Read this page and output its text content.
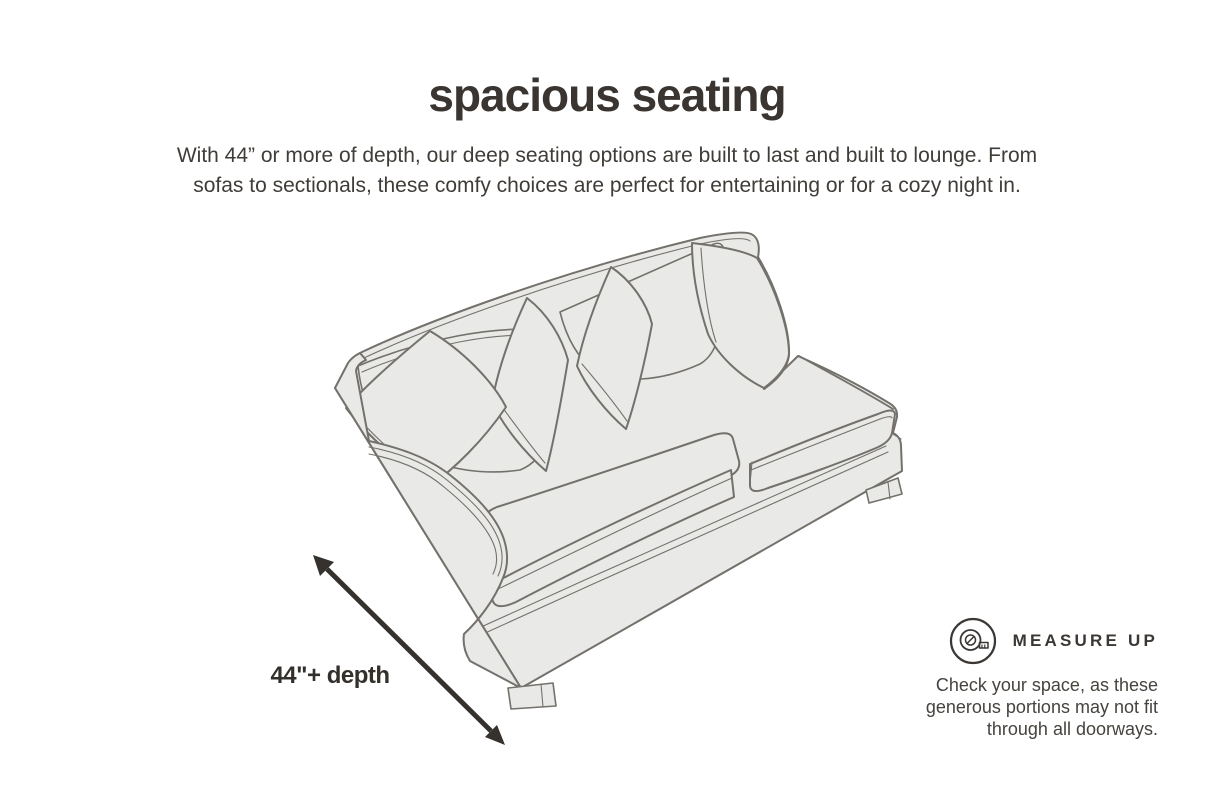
spacious seating
With 44” or more of depth, our deep seating options are built to last and built to lounge. From
sofas to sectionals, these comfy choices are perfect for entertaining or for a cozy night in.
44"+ depth
MEASURE UP
Check your space, as these
generous portions may not fit
through all doorways.
